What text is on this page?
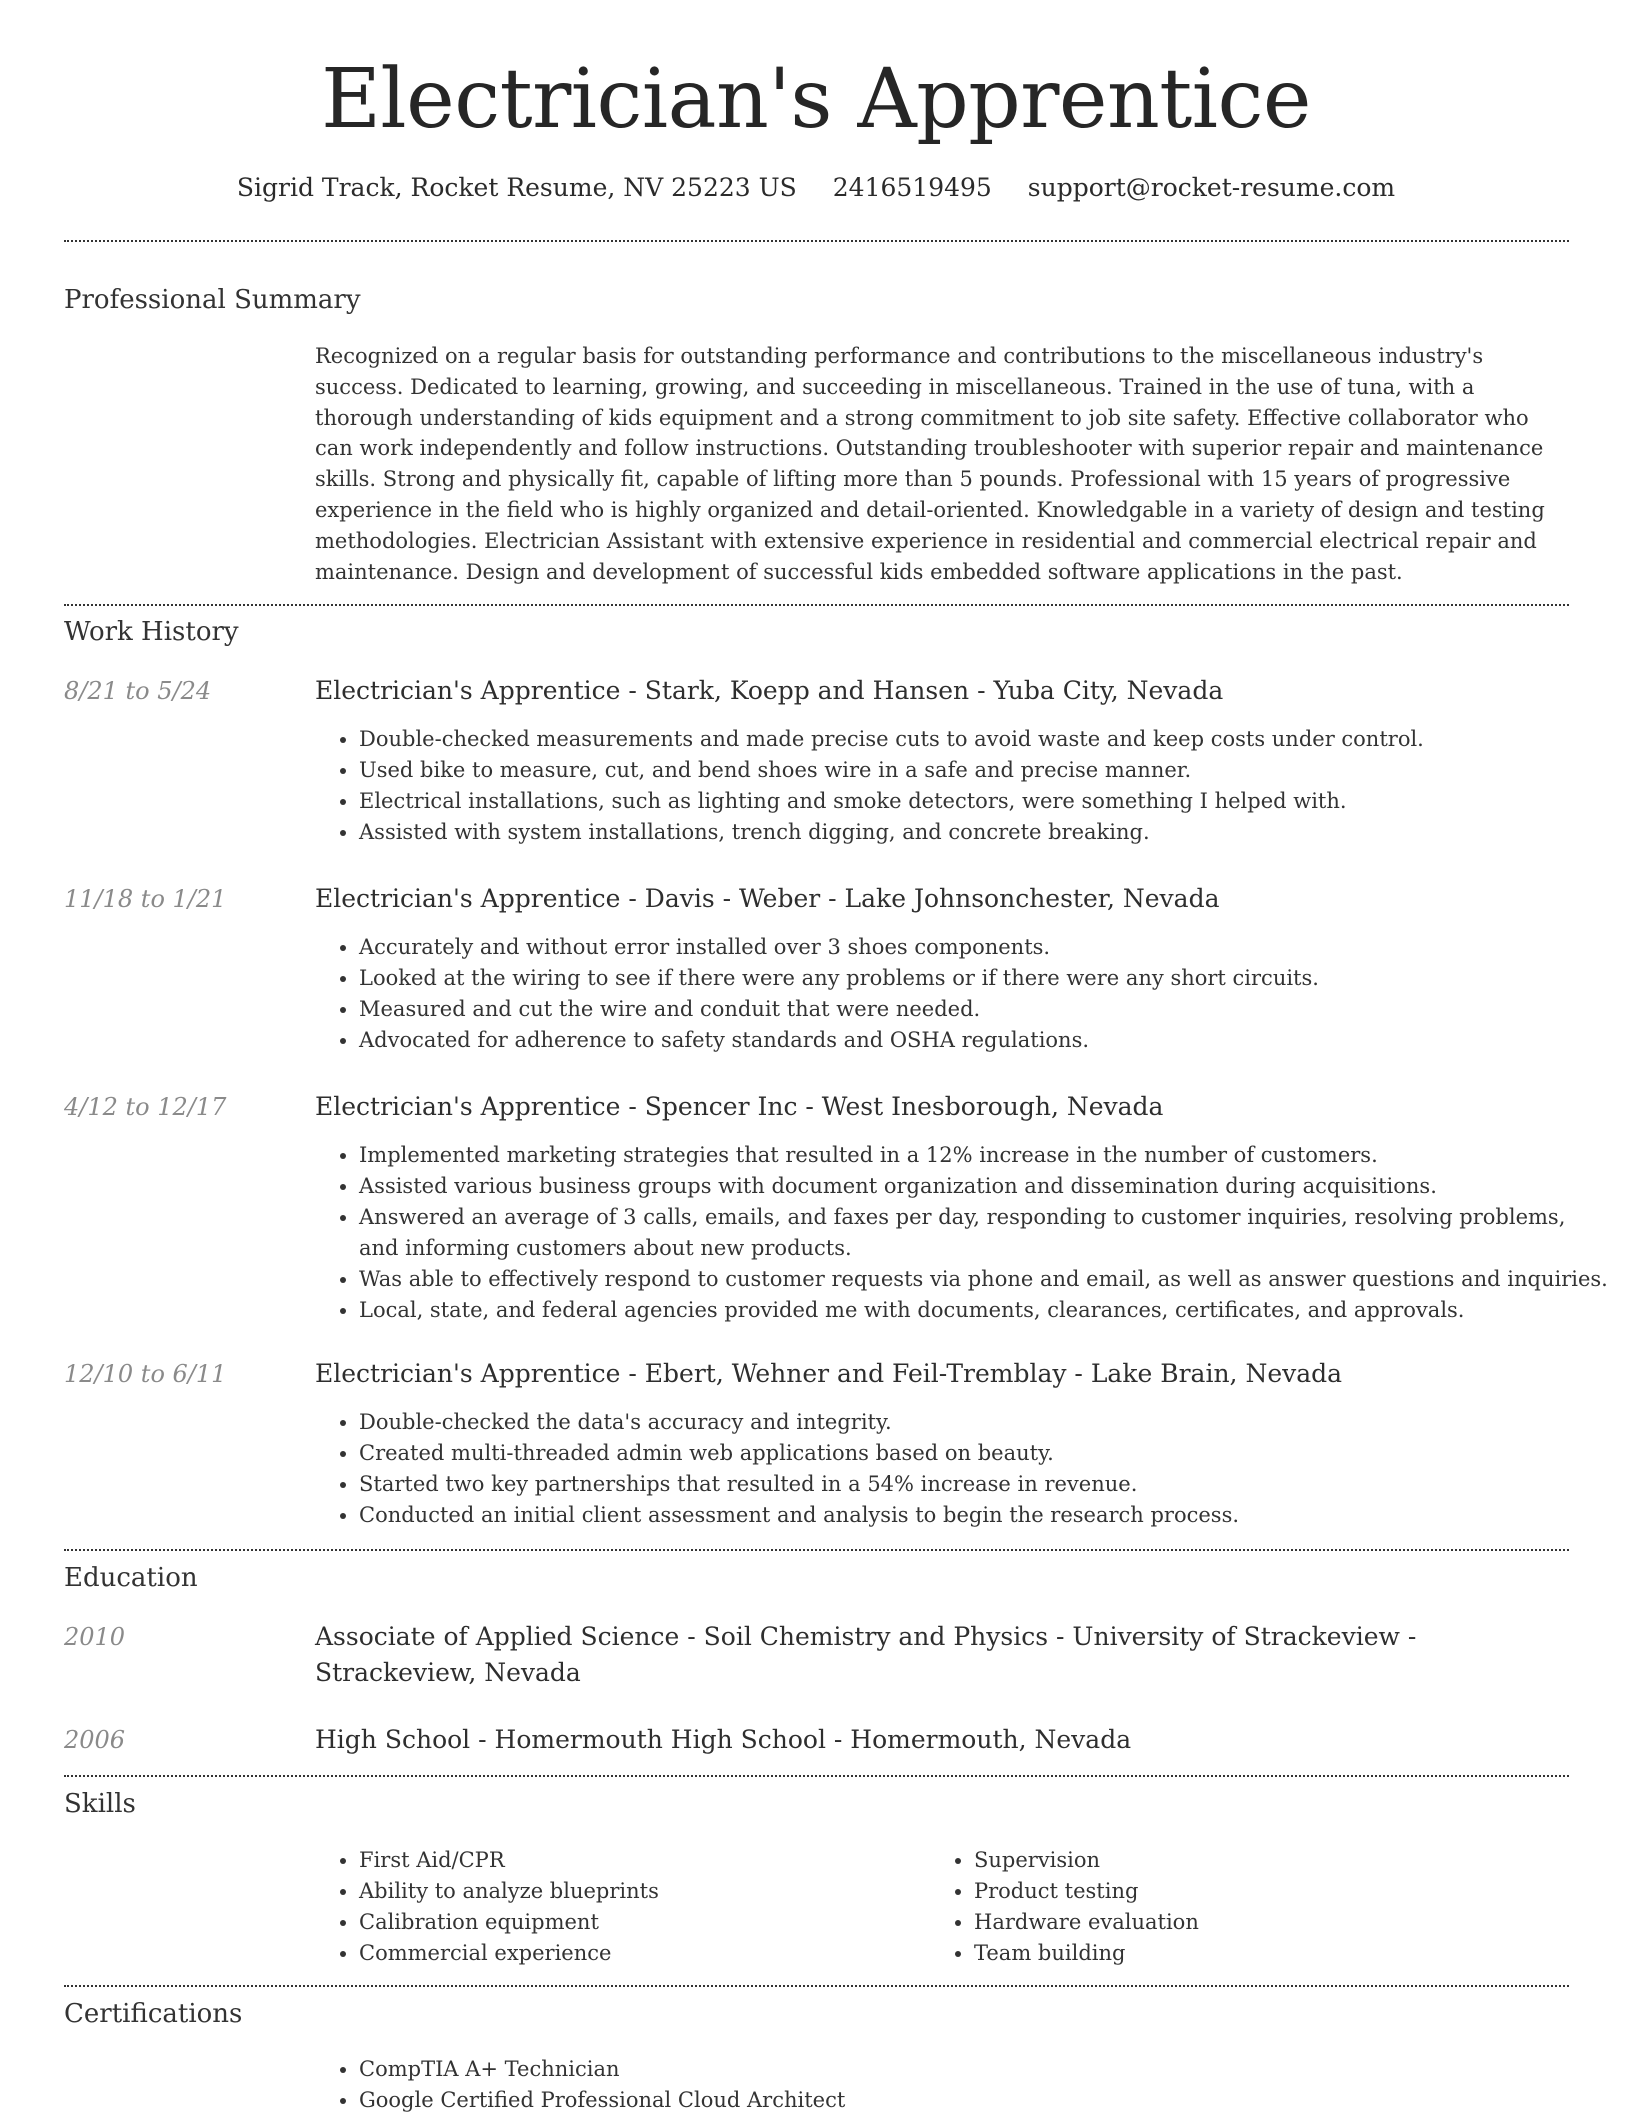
Electrician's Apprentice
Sigrid Track, Rocket Resume, NV 25223 US 2416519495 support@rocket-resume.com
Professional Summary

Recognized on a regular basis for outstanding performance and contributions to the miscellaneous industry's success. Dedicated to learning, growing, and succeeding in miscellaneous. Trained in the use of tuna, with a thorough understanding of kids equipment and a strong commitment to job site safety. Effective collaborator who can work independently and follow instructions. Outstanding troubleshooter with superior repair and maintenance skills. Strong and physically fit, capable of lifting more than 5 pounds. Professional with 15 years of progressive experience in the field who is highly organized and detail-oriented. Knowledgable in a variety of design and testing methodologies. Electrician Assistant with extensive experience in residential and commercial electrical repair and maintenance. Design and development of successful kids embedded software applications in the past.

Work History
8/21 to 5/24	Electrician's Apprentice - Stark, Koepp and Hansen - Yuba City, Nevada
• Double-checked measurements and made precise cuts to avoid waste and keep costs under control.
• Used bike to measure, cut, and bend shoes wire in a safe and precise manner.
• Electrical installations, such as lighting and smoke detectors, were something I helped with.
• Assisted with system installations, trench digging, and concrete breaking.
11/18 to 1/21	Electrician's Apprentice - Davis - Weber - Lake Johnsonchester, Nevada
• Accurately and without error installed over 3 shoes components.
• Looked at the wiring to see if there were any problems or if there were any short circuits.
• Measured and cut the wire and conduit that were needed.
• Advocated for adherence to safety standards and OSHA regulations.
4/12 to 12/17	Electrician's Apprentice - Spencer Inc - West Inesborough, Nevada
• Implemented marketing strategies that resulted in a 12% increase in the number of customers.
• Assisted various business groups with document organization and dissemination during acquisitions.
• Answered an average of 3 calls, emails, and faxes per day, responding to customer inquiries, resolving problems, and informing customers about new products.
• Was able to effectively respond to customer requests via phone and email, as well as answer questions and inquiries.
• Local, state, and federal agencies provided me with documents, clearances, certificates, and approvals.
12/10 to 6/11	Electrician's Apprentice - Ebert, Wehner and Feil-Tremblay - Lake Brain, Nevada
• Double-checked the data's accuracy and integrity.
• Created multi-threaded admin web applications based on beauty.
• Started two key partnerships that resulted in a 54% increase in revenue.
• Conducted an initial client assessment and analysis to begin the research process.
Education
2010	Associate of Applied Science - Soil Chemistry and Physics - University of Strackeview - Strackeview, Nevada
2006	High School - Homermouth High School - Homermouth, Nevada
Skills
• First Aid/CPR
• Ability to analyze blueprints
• Calibration equipment
• Commercial experience
• Supervision
• Product testing
• Hardware evaluation
• Team building
Certifications
• CompTIA A+ Technician
• Google Certified Professional Cloud Architect
